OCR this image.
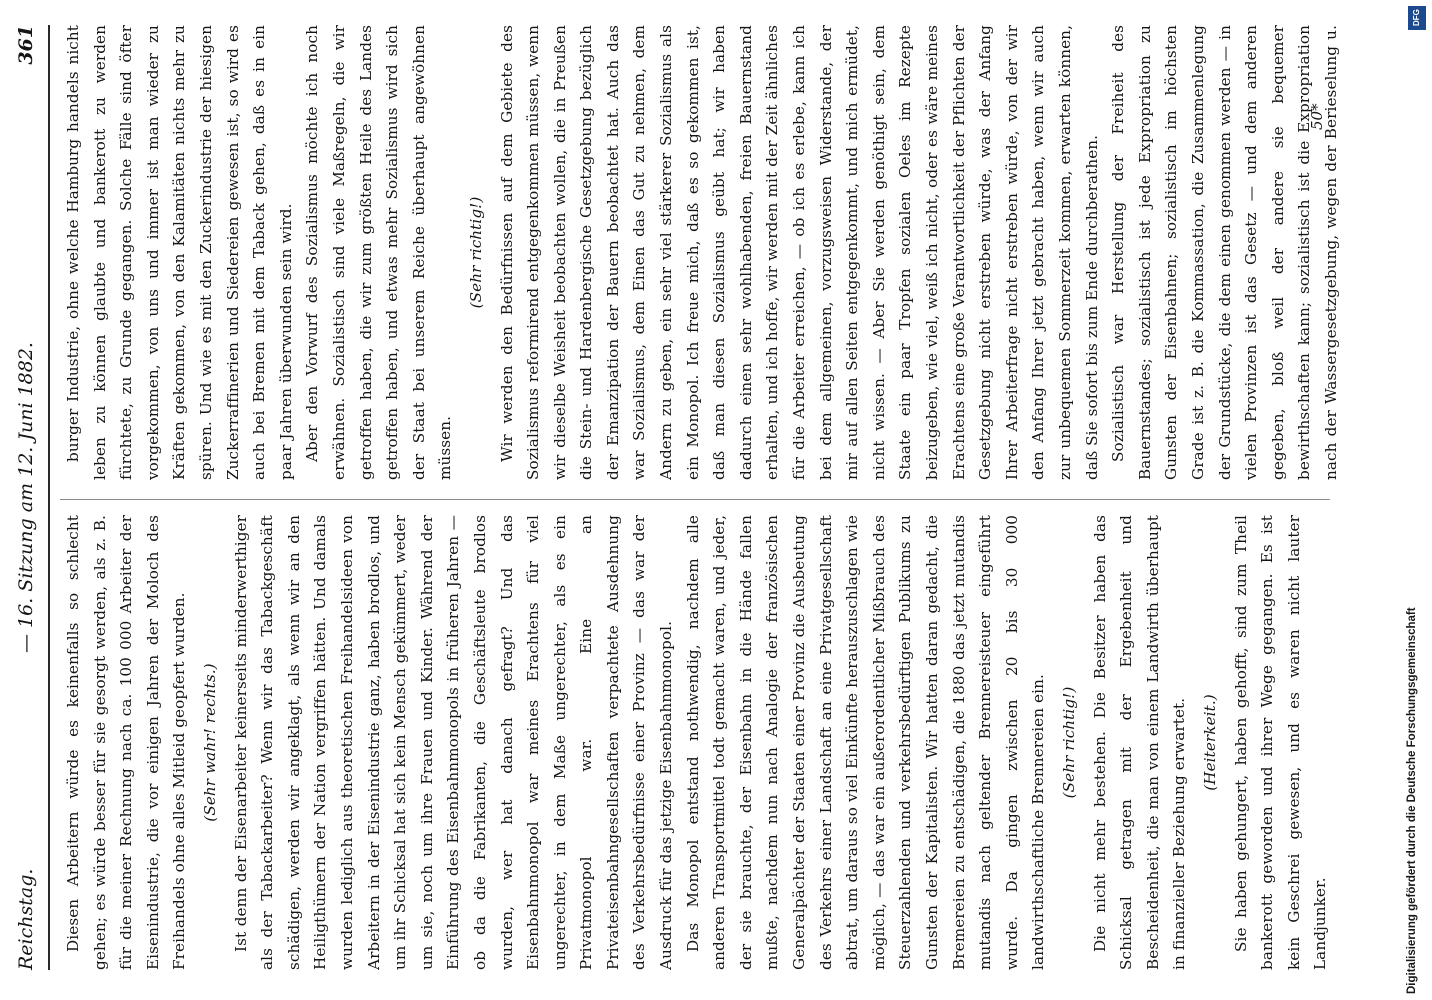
Reichstag.
— 16. Sitzung am 12. Juni 1882.
361

Diesen Arbeitern würde es keinenfalls so schlecht gehen; es würde besser für sie gesorgt werden, als z. B. für die meiner Rechnung nach ca. 100 000 Arbeiter der Eisenindustrie, die vor einigen Jahren der Moloch des Freihandels ohne alles Mitleid geopfert wurden. (Sehr wahr! rechts.) Ist denn der Eisenarbeiter keinerseits minderwerthiger als der Tabackarbeiter? Wenn wir das Tabackgeschäft schädigen, werden wir angeklagt, als wenn wir an den Heiligthümern der Nation vergriffen hätten. Und damals wurden lediglich aus theoretischen Freihandelsideen von Arbeitern in der Eisenindustrie ganz, haben brodlos, und um ihr Schicksal hat sich kein Mensch gekümmert, weder um sie, noch um ihre Frauen und Kinder. Während der Einführung des Eisenbahnmonopols in früheren Jahren — ob da die Fabrikanten, die Geschäftsleute brodlos wurden, wer hat danach gefragt? Und das Eisenbahnmonopol war meines Erachtens für viel ungerechter, in dem Maße ungerechter, als es ein Privatmonopol war. Eine an Privateisenbahngesellschaften verpachtete Ausdehnung des Verkehrsbedürfnisse einer Provinz — das war der Ausdruck für das jetzige Eisenbahnmonopol. Das Monopol entstand nothwendig, nachdem alle anderen Transportmittel todt gemacht waren, und jeder, der sie brauchte, der Eisenbahn in die Hände fallen mußte, nachdem nun nach Analogie der französischen Generalpächter der Staaten einer Provinz die Ausbeutung des Verkehrs einer Landschaft an eine Privatgesellschaft abtrat, um daraus so viel Einkünfte herauszuschlagen wie möglich, — das war ein außerordentlicher Mißbrauch des Steuerzahlenden und verkehrsbedürftigen Publikums zu Gunsten der Kapitalisten. Wir hatten daran gedacht, die Bremereien zu entschädigen, die 1880 das jetzt mutandis mutandis nach geltender Brennereisteuer eingeführt wurde. Da gingen zwischen 20 bis 30 000 landwirthschaftliche Brennereien ein. (Sehr richtig!) Die nicht mehr bestehen. Die Besitzer haben das Schicksal getragen mit der Ergebenheit und Bescheidenheit, die man von einem Landwirth überhaupt in finanzieller Beziehung erwartet. (Heiterkeit.) Sie haben gehungert, haben gehofft, sind zum Theil bankerott geworden und ihrer Wege gegangen. Es ist kein Geschrei gewesen, und es waren nicht lauter Landjunker.

burger Industrie, ohne welche Hamburg handels nicht leben zu können glaubte und bankerott zu werden fürchtete, zu Grunde gegangen. Solche Fälle sind öfter vorgekommen, von uns und immer ist man wieder zu Kräften gekommen, von den Kalamitäten nichts mehr zu spüren. Und wie es mit den Zuckerindustrie der hiesigen Zuckerraffinerien und Siedereien gewesen ist, so wird es auch bei Bremen mit dem Taback gehen, daß es in ein paar Jahren überwunden sein wird. Aber den Vorwurf des Sozialismus möchte ich noch erwähnen. Sozialistisch sind viele Maßregeln, die wir getroffen haben, die wir zum größten Heile des Landes getroffen haben, und etwas mehr Sozialismus wird sich der Staat bei unserem Reiche überhaupt angewöhnen müssen.

(Sehr richtig!) Wir werden den Bedürfnissen auf dem Gebiete des Sozialismus reformirend entgegenkommen müssen, wenn wir dieselbe Weisheit beobachten wollen, die in Preußen die Stein- und Hardenbergische Gesetzgebung bezüglich der Emanzipation der Bauern beobachtet hat. Auch das war Sozialismus, dem Einen das Gut zu nehmen, dem Andern zu geben, ein sehr viel stärkerer Sozialismus als ein Monopol. Ich freue mich, daß es so gekommen ist, daß man diesen Sozialismus geübt hat; wir haben dadurch einen sehr wohlhabenden, freien Bauernstand erhalten, und ich hoffe, wir werden mit der Zeit ähnliches für die Arbeiter erreichen, — ob ich es erlebe, kann ich bei dem allgemeinen, vorzugsweisen Widerstande, der mir auf allen Seiten entgegenkommt, und mich ermüdet, nicht wissen. — Aber Sie werden genöthigt sein, dem Staate ein paar Tropfen sozialen Oeles im Rezepte beizugeben, wie viel, weiß ich nicht, oder es wäre meines Erachtens eine große Verantwortlichkeit der Pflichten der Gesetzgebung nicht erstreben würde, was der Anfang Ihrer Arbeiterfrage nicht erstreben würde, von der wir den Anfang Ihrer jetzt gebracht haben, wenn wir auch zur unbequemen Sommerzeit kommen, erwarten können, daß Sie sofort bis zum Ende durchberathen. Sozialistisch war Herstellung der Freiheit des Bauernstandes; sozialistisch ist jede Expropriation zu Gunsten der Eisenbahnen; sozialistisch im höchsten Grade ist z. B. die Kommassation, die Zusammenlegung der Grundstücke, die dem einen genommen werden — in vielen Provinzen ist das Gesetz — und dem anderen gegeben, bloß weil der andere sie bequemer bewirthschaften kann; sozialistisch ist die Expropriation nach der Wassergesetzgebung, wegen der Berieselung u.

50*
DFG
Digitalisierung gefördert durch die Deutsche Forschungsgemeinschaft
